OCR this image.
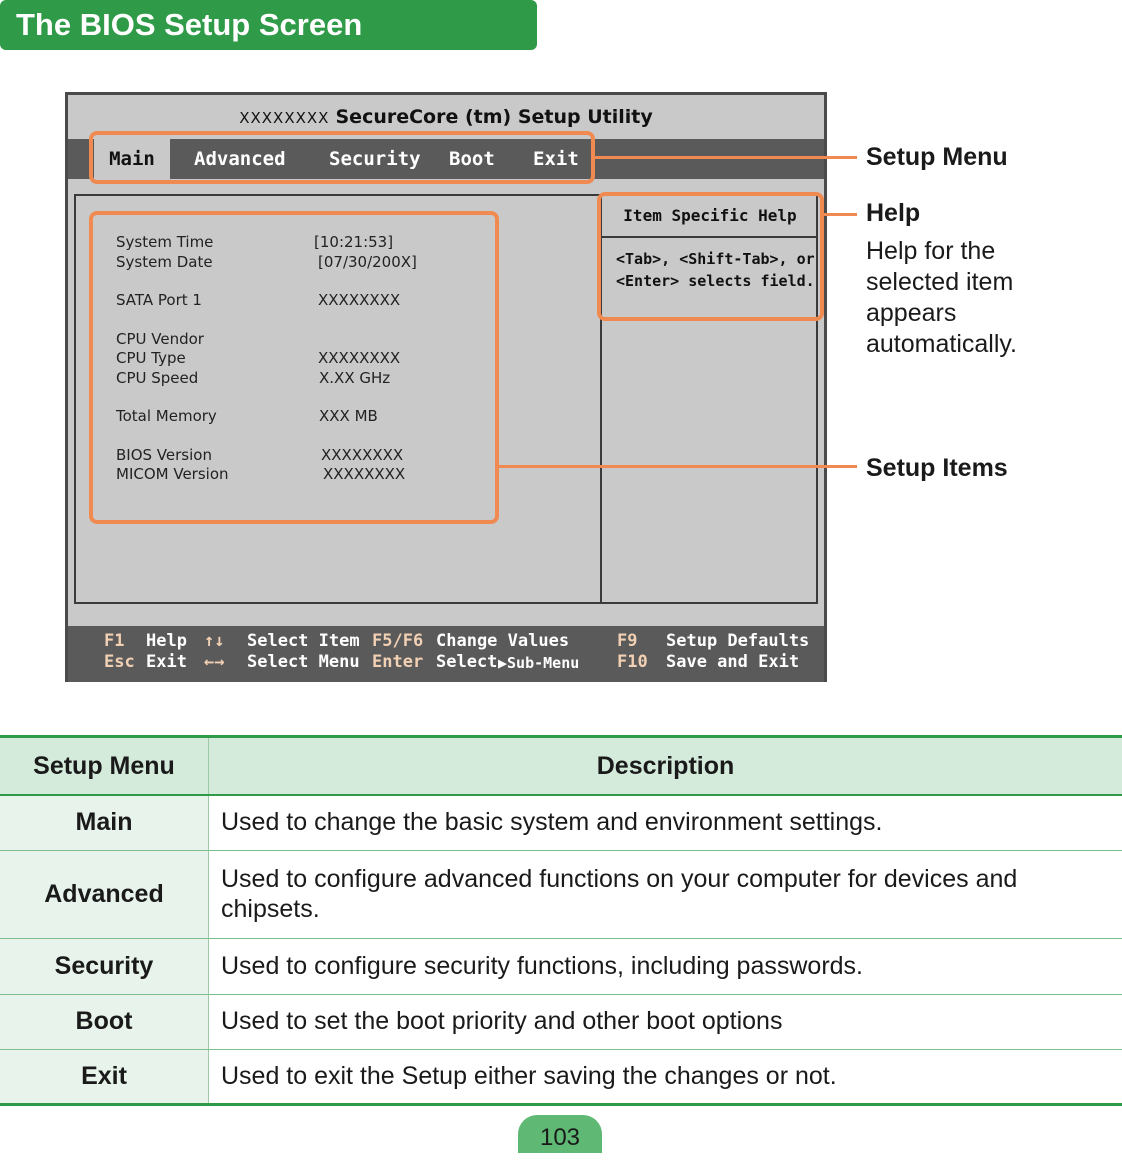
The BIOS Setup Screen
XXXXXXXX SecureCore (tm) Setup Utility
Main	Advanced Security Boot Exit
System Time	[10:21:53]
System Date	[07/30/200X]
SATA Port 1	XXXXXXXX
CPU Vendor
CPU Type	XXXXXXXX
CPU Speed	X.XX GHz
Total Memory	XXX MB
BIOS Version	XXXXXXXX
MICOM Version	XXXXXXXX
Item Specific Help
<Tab>, <Shift-Tab>, or
<Enter> selects field.
F1 Help
Esc Exit
↑↓ Select Item
←→ Select Menu
F5/F6 Change Values
Enter Select ▶Sub-Menu
F9 Setup Defaults
F10 Save and Exit
Setup Menu
Help
Help for the selected item appears automatically.
Setup Items
Setup Menu	Description
Main	Used to change the basic system and environment settings.
Advanced	Used to configure advanced functions on your computer for devices and chipsets.
Security	Used to configure security functions, including passwords.
Boot	Used to set the boot priority and other boot options
Exit	Used to exit the Setup either saving the changes or not.
103
